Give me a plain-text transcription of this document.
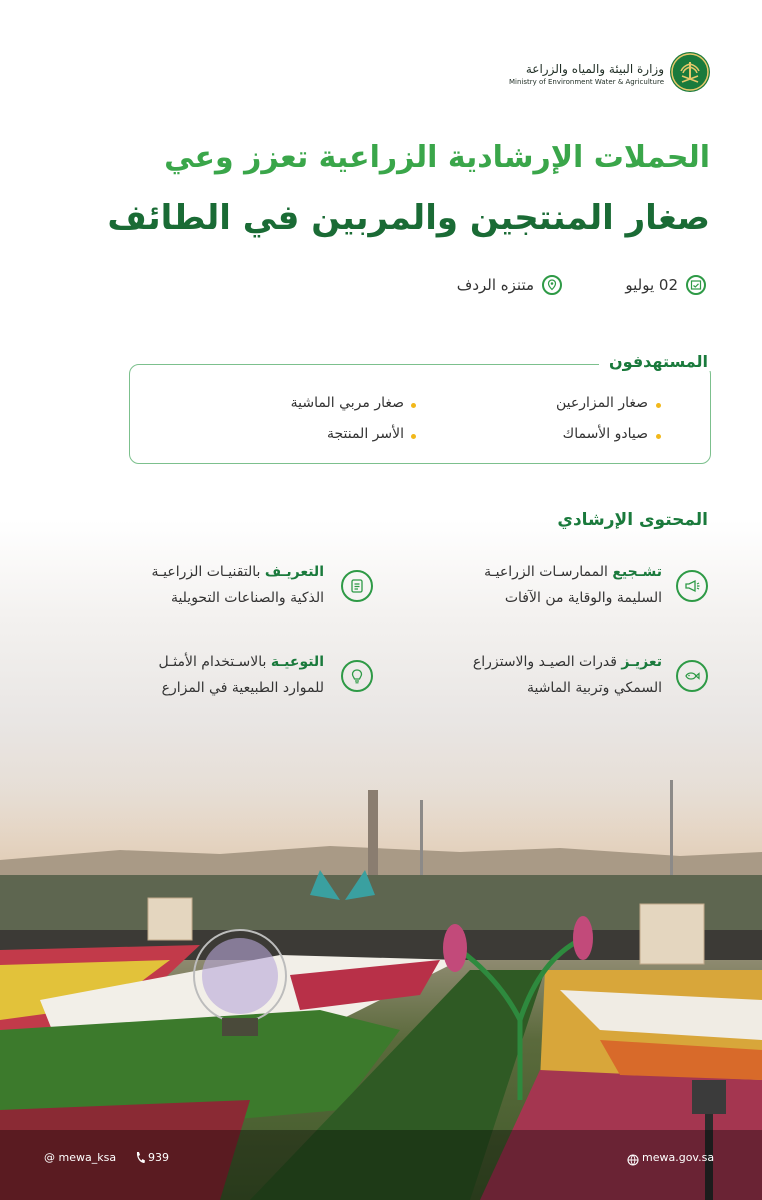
وزارة البيئة والمياه والزراعة
Ministry of Environment Water & Agriculture
الحملات الإرشادية الزراعية تعزز وعي
صغار المنتجين والمربين في الطائف
02 يوليو
متنزه الردف
المستهدفون
صغار المزارعين
صغار مربي الماشية
صيادو الأسماك
الأسر المنتجة
المحتوى الإرشادي
تشـجيع الممارسـات الزراعيـة
السليمة والوقاية من الآفات
التعريـف بالتقنيـات الزراعيـة
الذكية والصناعات التحويلية
تعزيـز قدرات الصيـد والاستزراع
السمكي وتربية الماشية
التوعيـة بالاسـتخدام الأمثـل
للموارد الطبيعية في المزارع
@ mewa_ksa	939	mewa.gov.sa
